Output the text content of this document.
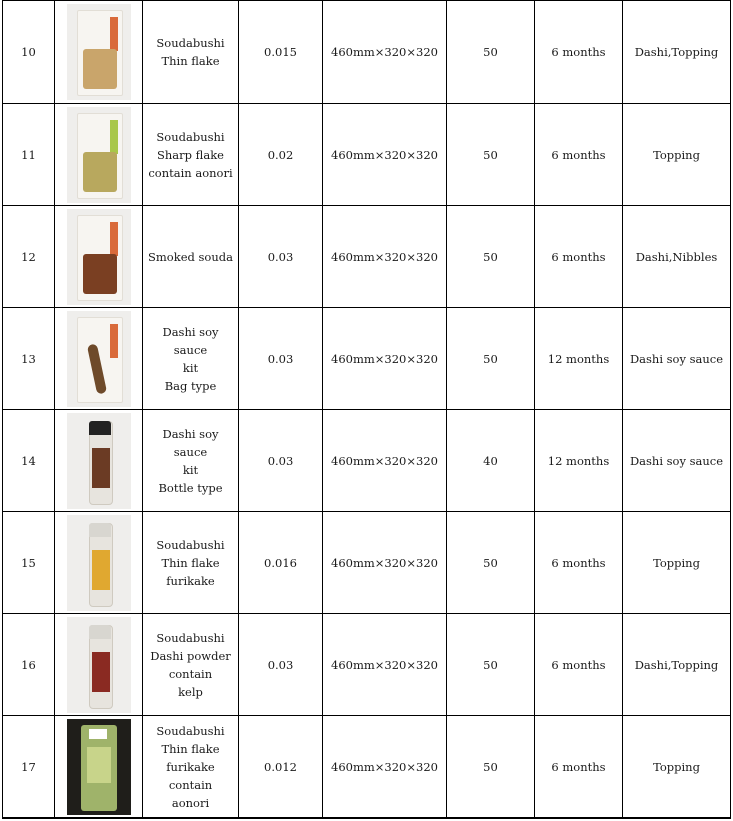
10

Soudabushi
Thin flake
0.015	460mm×320×320	50	6 months	Dashi,Topping
11

Soudabushi
Sharp flake
contain aonori
0.02	460mm×320×320	50	6 months	Topping
12	Smoked souda	0.03	460mm×320×320	50	6 months	Dashi,Nibbles
13

Dashi soy sauce
kit
Bag type
0.03	460mm×320×320	50	12 months	Dashi soy sauce
14

Dashi soy sauce
kit
Bottle type
0.03	460mm×320×320	40	12 months	Dashi soy sauce
15

Soudabushi
Thin flake
furikake
0.016	460mm×320×320	50	6 months	Topping
16

Soudabushi
Dashi powder
contain
kelp
0.03	460mm×320×320	50	6 months	Dashi,Topping
17

Soudabushi
Thin flake
furikake contain
aonori
0.012	460mm×320×320	50	6 months	Topping
